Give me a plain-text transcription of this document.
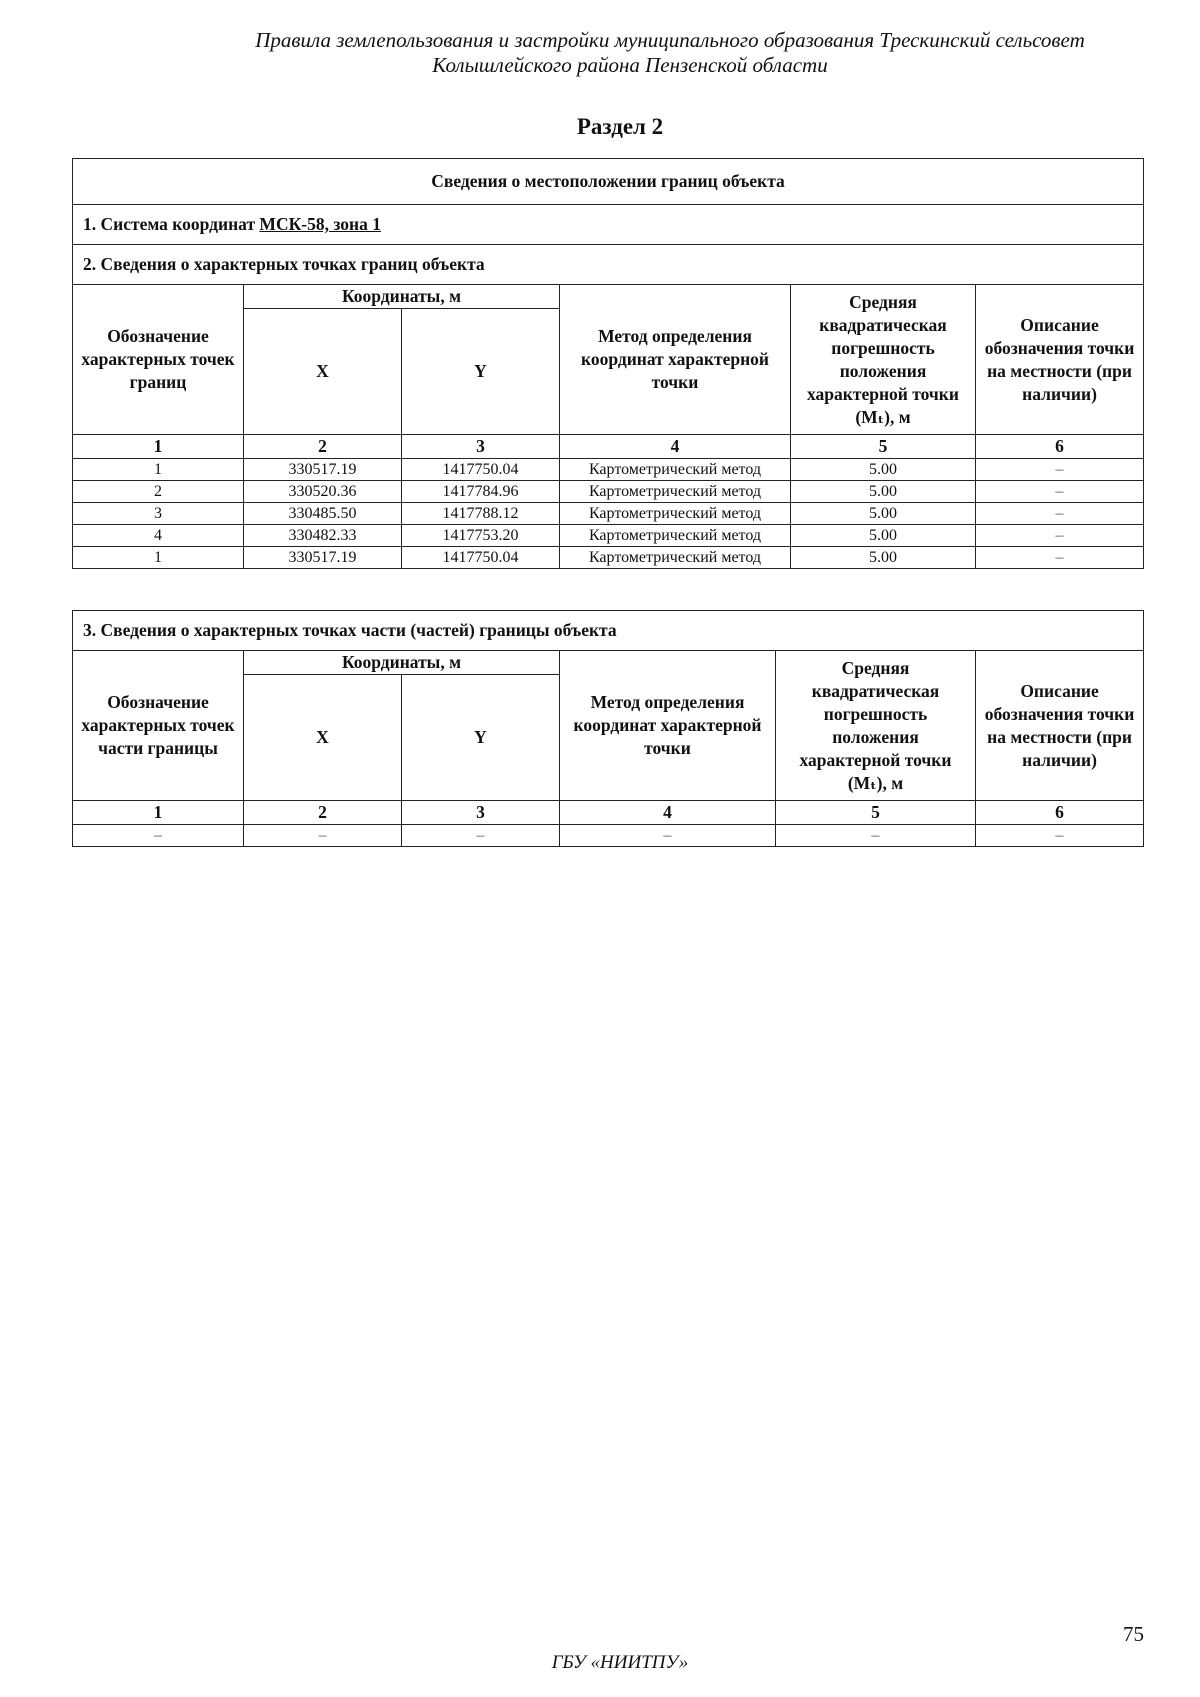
Правила землепользования и застройки муниципального образования Трескинский сельсовет
Колышлейского района Пензенской области
Раздел 2
Сведения о местоположении границ объекта					
1. Система координат МСК-58, зона 1					
2. Сведения о характерных точках границ объекта					
Обозначение характерных точек границ	Координаты, м		Метод определения координат характерной точки	Средняя квадратическая погрешность положения характерной точки (Mₜ), м	Описание обозначения точки на местности (при наличии)
	X	Y			
1	2	3	4	5	6
1	330517.19	1417750.04	Картометрический метод	5.00	–
2	330520.36	1417784.96	Картометрический метод	5.00	–
3	330485.50	1417788.12	Картометрический метод	5.00	–
4	330482.33	1417753.20	Картометрический метод	5.00	–
1	330517.19	1417750.04	Картометрический метод	5.00	–
3. Сведения о характерных точках части (частей) границы объекта					
Обозначение характерных точек части границы	Координаты, м		Метод определения координат характерной точки	Средняя квадратическая погрешность положения характерной точки (Mₜ), м	Описание обозначения точки на местности (при наличии)
	X	Y			
1	2	3	4	5	6
–	–	–	–	–	–
75
ГБУ «НИИТПУ»
